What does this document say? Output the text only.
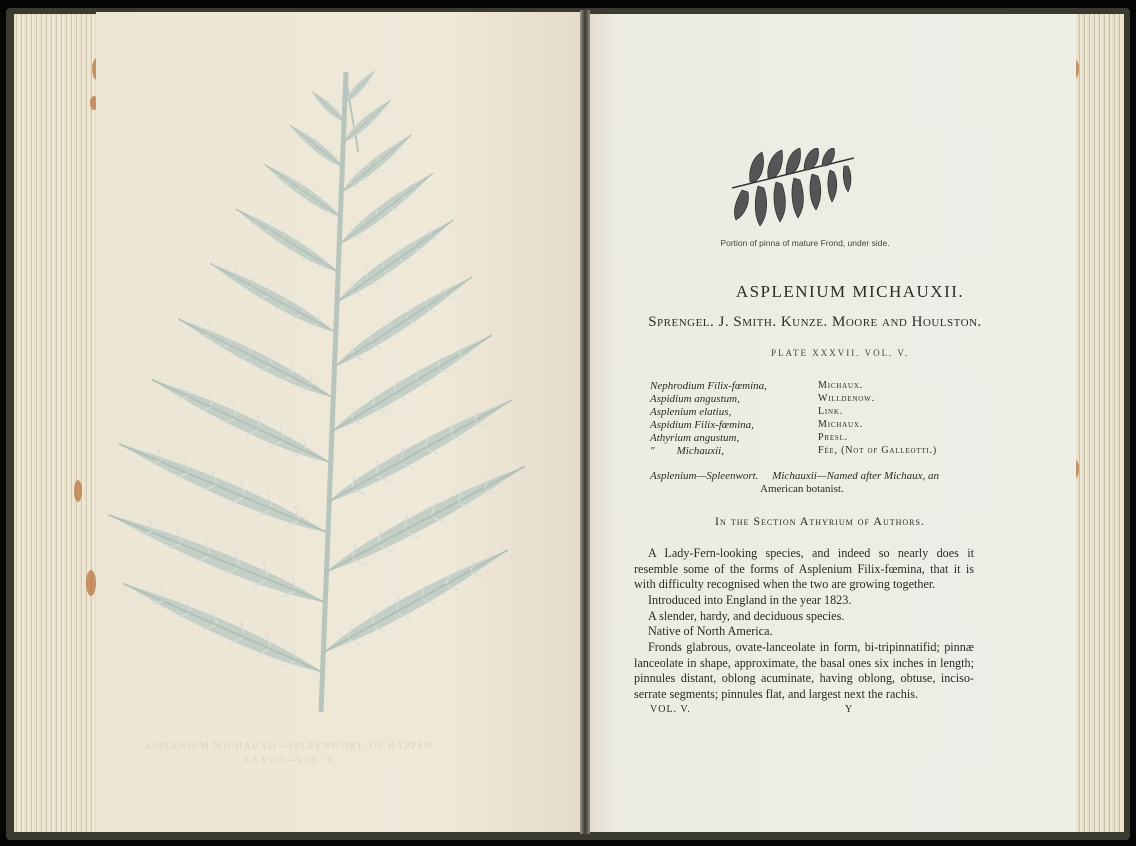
ASPLENIUM MICHAUXII—SPLEENWORT, OF HAPPEN.
XXXVII—VOL. V.
Portion of pinna of mature Frond, under side.
ASPLENIUM MICHAUXII.
Sprengel. J. Smith. Kunze. Moore and Houlston.
PLATE XXXVII. VOL. V.
Nephrodium Filix-fœmina,	Michaux.
Aspidium angustum,	Willdenow.
Asplenium elatius,	Link.
Aspidium Filix-fœmina,	Michaux.
Athyrium angustum,	Presl.
"        Michauxii,	Fée, (Not of Galleotti.)
Asplenium—Spleenwort.     Michauxii—Named after Michaux, an
American botanist.
In the Section Athyrium of Authors.
A Lady-Fern-looking species, and indeed so nearly does it resemble some of the forms of Asplenium Filix-fœmina, that it is with difficulty recognised when the two are growing together.
Introduced into England in the year 1823.
A slender, hardy, and deciduous species.
Native of North America.
Fronds glabrous, ovate-lanceolate in form, bi-tripinnatifid; pinnæ lanceolate in shape, approximate, the basal ones six inches in length; pinnules distant, oblong acuminate, having oblong, obtuse, inciso-serrate segments; pinnules flat, and largest next the rachis.
VOL. V.	Y
